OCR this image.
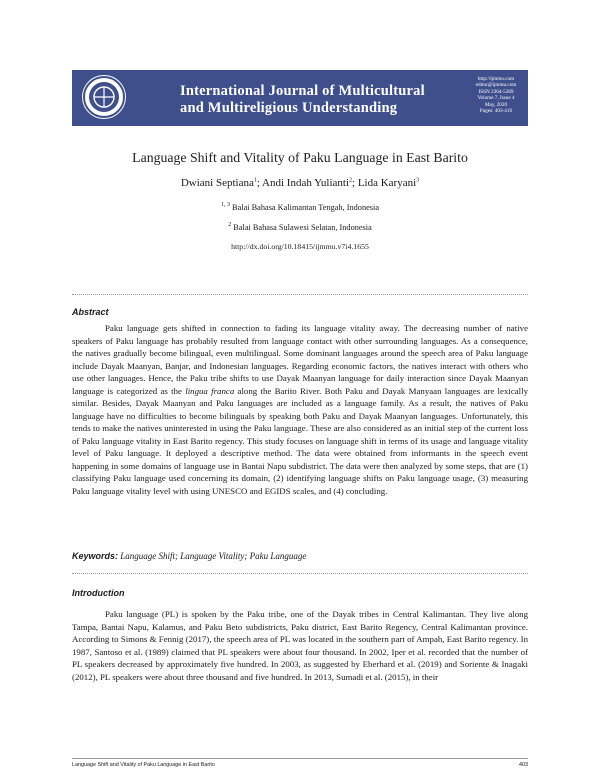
International Journal of Multicultural
and Multireligious Understanding
http://ijmmu.com
editor@ijmmu.com
ISSN 2364-5369
Volume 7, Issue 4
May, 2020
Pages: 403-416
Language Shift and Vitality of Paku Language in East Barito
Dwiani Septiana$^1$; Andi Indah Yulianti$^2$; Lida Karyani$^3$
$^{1, 3}$ Balai Bahasa Kalimantan Tengah, Indonesia
$^2$ Balai Bahasa Sulawesi Selatan, Indonesia
http://dx.doi.org/10.18415/ijmmu.v7i4.1655
Abstract

Paku language gets shifted in connection to fading its language vitality away. The decreasing number of native speakers of Paku language has probably resulted from language contact with other surrounding languages. As a consequence, the natives gradually become bilingual, even multilingual. Some dominant languages around the speech area of Paku language include Dayak Maanyan, Banjar, and Indonesian languages. Regarding economic factors, the natives interact with others who use other languages. Hence, the Paku tribe shifts to use Dayak Maanyan language for daily interaction since Dayak Maanyan language is categorized as the lingua franca along the Barito River. Both Paku and Dayak Manyaan languages are lexically similar. Besides, Dayak Maanyan and Paku languages are included as a language family. As a result, the natives of Paku language have no difficulties to become bilinguals by speaking both Paku and Dayak Maanyan languages. Unfortunately, this tends to make the natives uninterested in using the Paku language. These are also considered as an initial step of the current loss of Paku language vitality in East Barito regency. This study focuses on language shift in terms of its usage and language vitality level of Paku language. It deployed a descriptive method. The data were obtained from informants in the speech event happening in some domains of language use in Bantai Napu subdistrict. The data were then analyzed by some steps, that are (1) classifying Paku language used concerning its domain, (2) identifying language shifts on Paku language usage, (3) measuring Paku language vitality level with using UNESCO and EGIDS scales, and (4) concluding.

Keywords: Language Shift; Language Vitality; Paku Language
Introduction

Paku language (PL) is spoken by the Paku tribe, one of the Dayak tribes in Central Kalimantan. They live along Tampa, Bantai Napu, Kalamus, and Paku Beto subdistricts, Paku district, East Barito Regency, Central Kalimantan province. According to Simons & Fennig (2017), the speech area of PL was located in the southern part of Ampah, East Barito regency. In 1987, Santoso et al. (1989) claimed that PL speakers were about four thousand. In 2002, Iper et al. recorded that the number of PL speakers decreased by approximately five hundred. In 2003, as suggested by Eberhard et al. (2019) and Soriente & Inagaki (2012), PL speakers were about three thousand and five hundred. In 2013, Sumadi et al. (2015), in their

Language Shift and Vitality of Paku Language in East Barito	403
